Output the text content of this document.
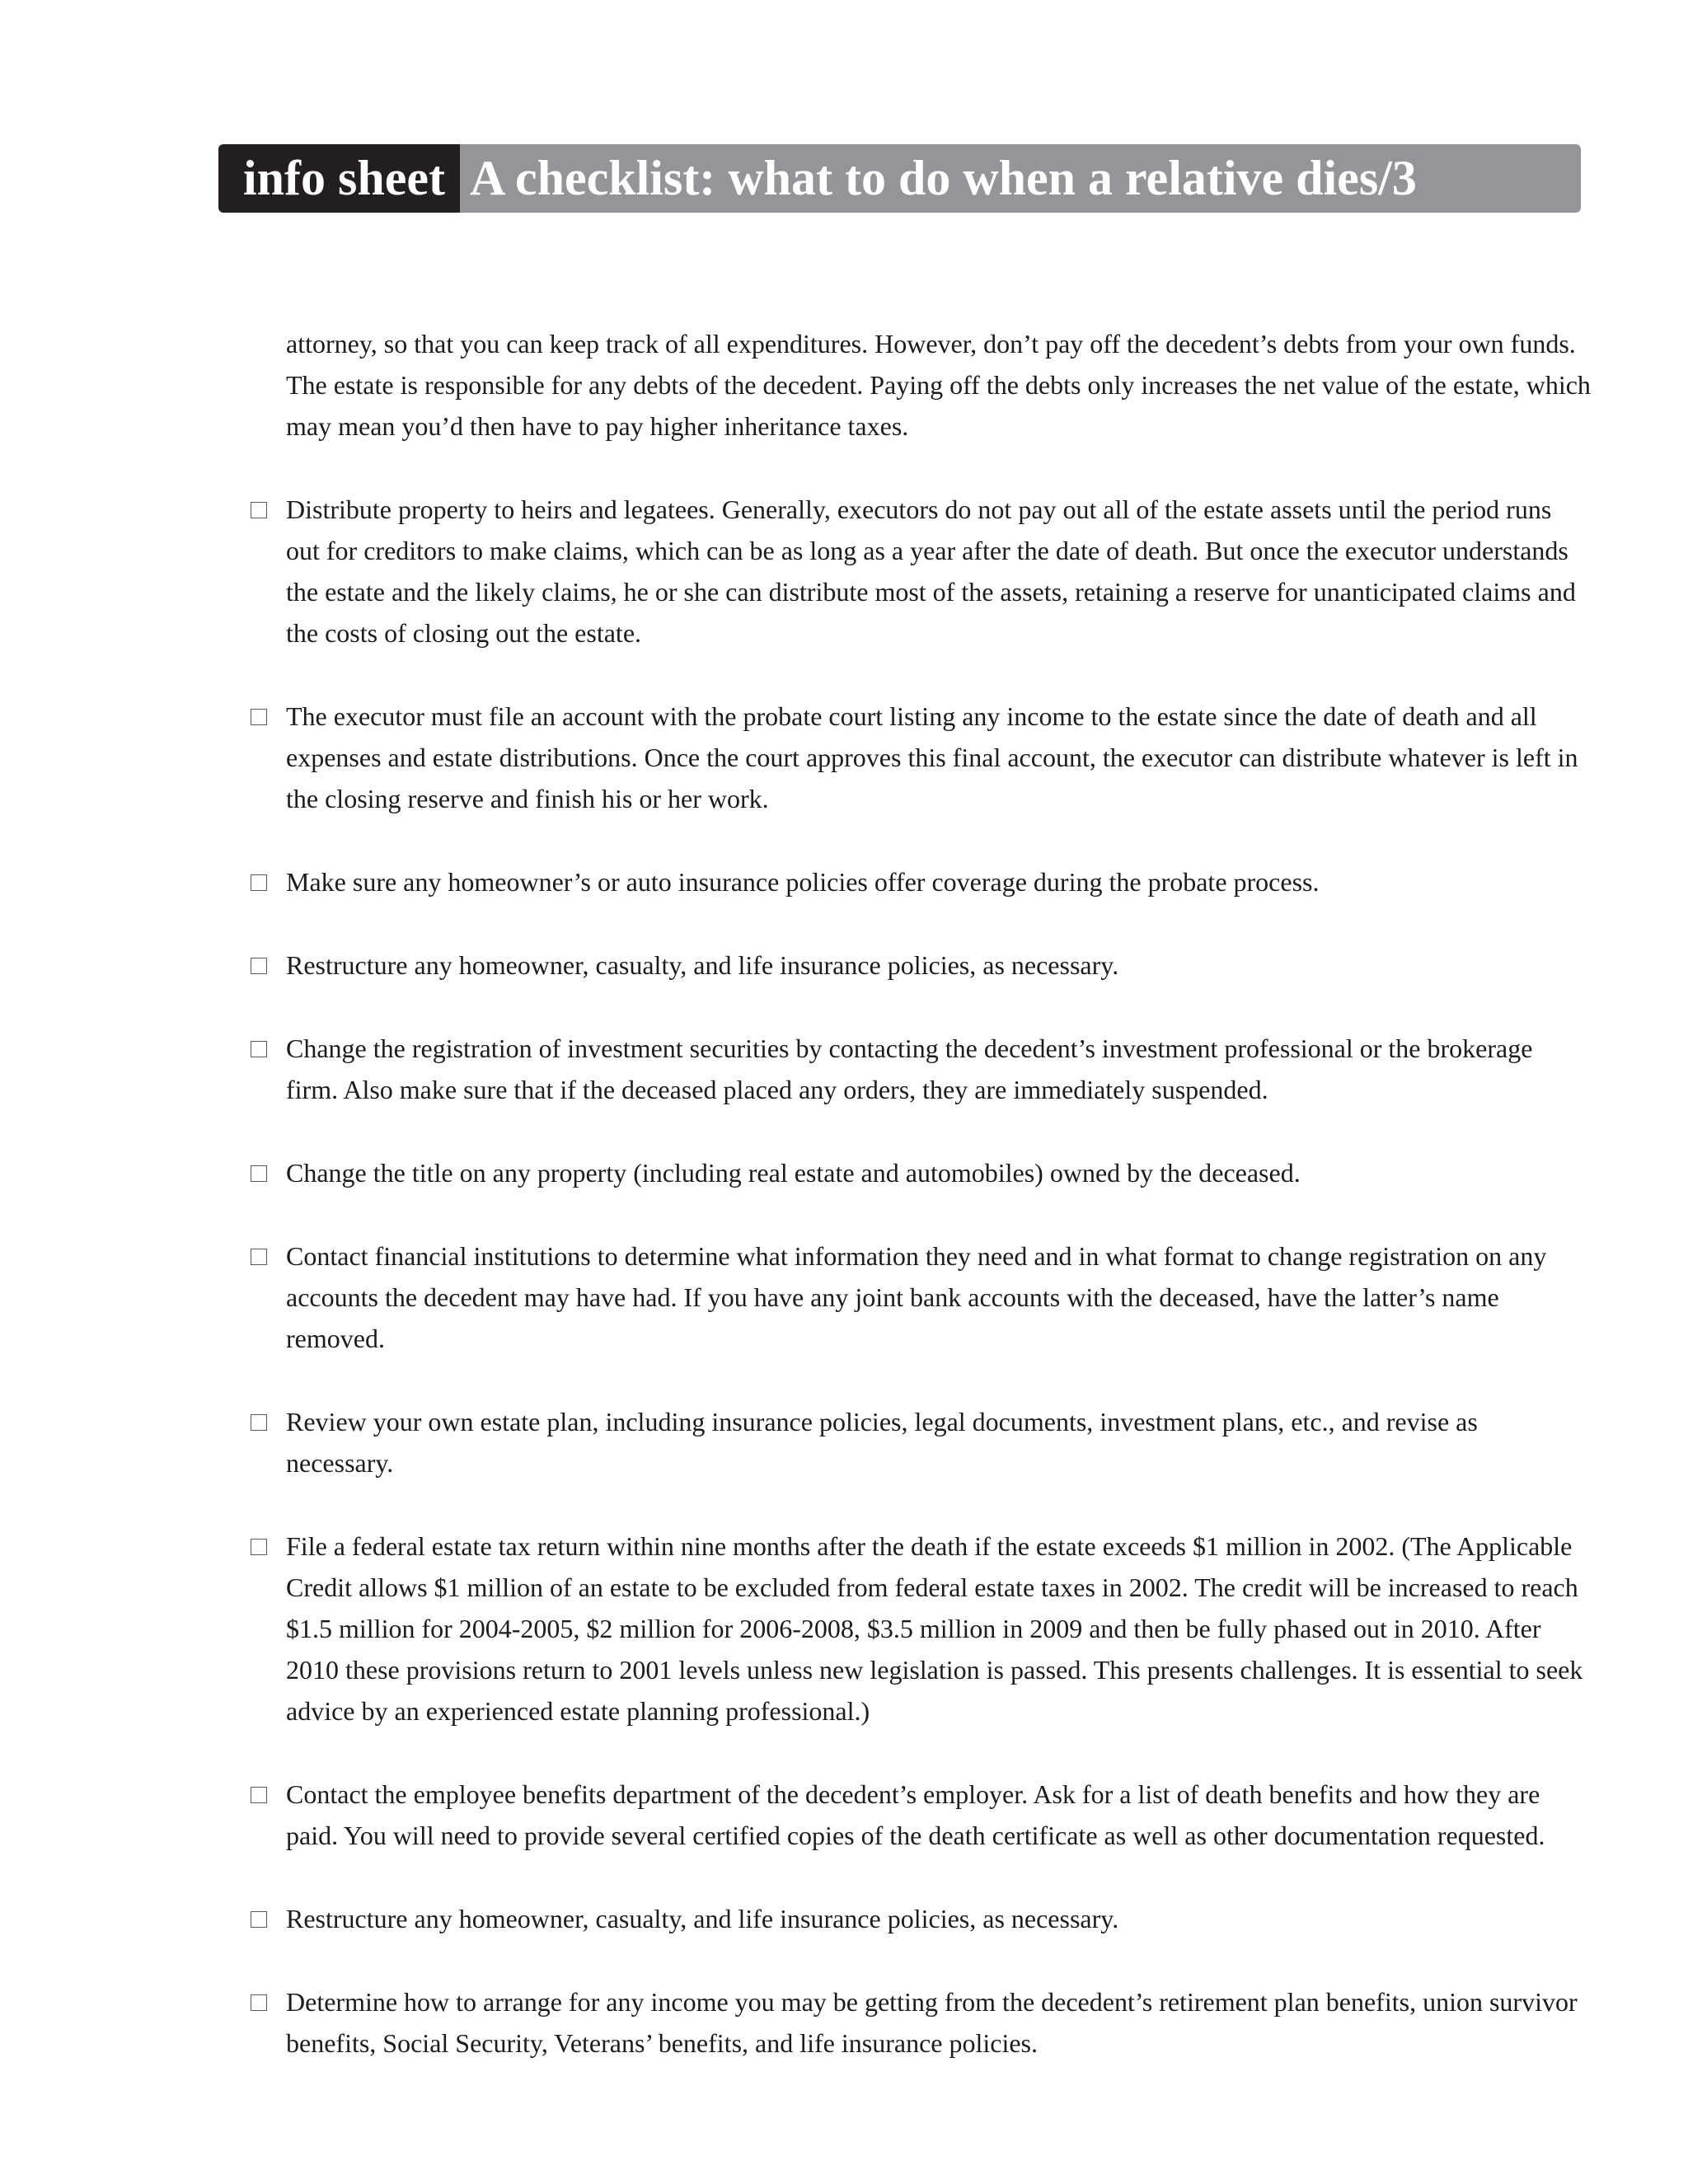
info sheet A checklist: what to do when a relative dies/3
attorney, so that you can keep track of all expenditures. However, don’t pay off the decedent’s debts from your own funds. The estate is responsible for any debts of the decedent. Paying off the debts only increases the net value of the estate, which may mean you’d then have to pay higher inheritance taxes.
Distribute property to heirs and legatees. Generally, executors do not pay out all of the estate assets until the period runs out for creditors to make claims, which can be as long as a year after the date of death. But once the executor understands the estate and the likely claims, he or she can distribute most of the assets, retaining a reserve for unanticipated claims and the costs of closing out the estate.
The executor must file an account with the probate court listing any income to the estate since the date of death and all expenses and estate distributions. Once the court approves this final account, the executor can distribute whatever is left in the closing reserve and finish his or her work.
Make sure any homeowner’s or auto insurance policies offer coverage during the probate process.
Restructure any homeowner, casualty, and life insurance policies, as necessary.
Change the registration of investment securities by contacting the decedent’s investment professional or the brokerage firm. Also make sure that if the deceased placed any orders, they are immediately suspended.
Change the title on any property (including real estate and automobiles) owned by the deceased.
Contact financial institutions to determine what information they need and in what format to change registration on any accounts the decedent may have had. If you have any joint bank accounts with the deceased, have the latter’s name removed.
Review your own estate plan, including insurance policies, legal documents, investment plans, etc., and revise as necessary.
File a federal estate tax return within nine months after the death if the estate exceeds $1 million in 2002. (The Applicable Credit allows $1 million of an estate to be excluded from federal estate taxes in 2002. The credit will be increased to reach $1.5 million for 2004-2005, $2 million for 2006-2008, $3.5 million in 2009 and then be fully phased out in 2010. After 2010 these provisions return to 2001 levels unless new legislation is passed. This presents challenges. It is essential to seek advice by an experienced estate planning professional.)
Contact the employee benefits department of the decedent’s employer. Ask for a list of death benefits and how they are paid. You will need to provide several certified copies of the death certificate as well as other documentation requested.
Restructure any homeowner, casualty, and life insurance policies, as necessary.
Determine how to arrange for any income you may be getting from the decedent’s retirement plan benefits, union survivor benefits, Social Security, Veterans’ benefits, and life insurance policies.
